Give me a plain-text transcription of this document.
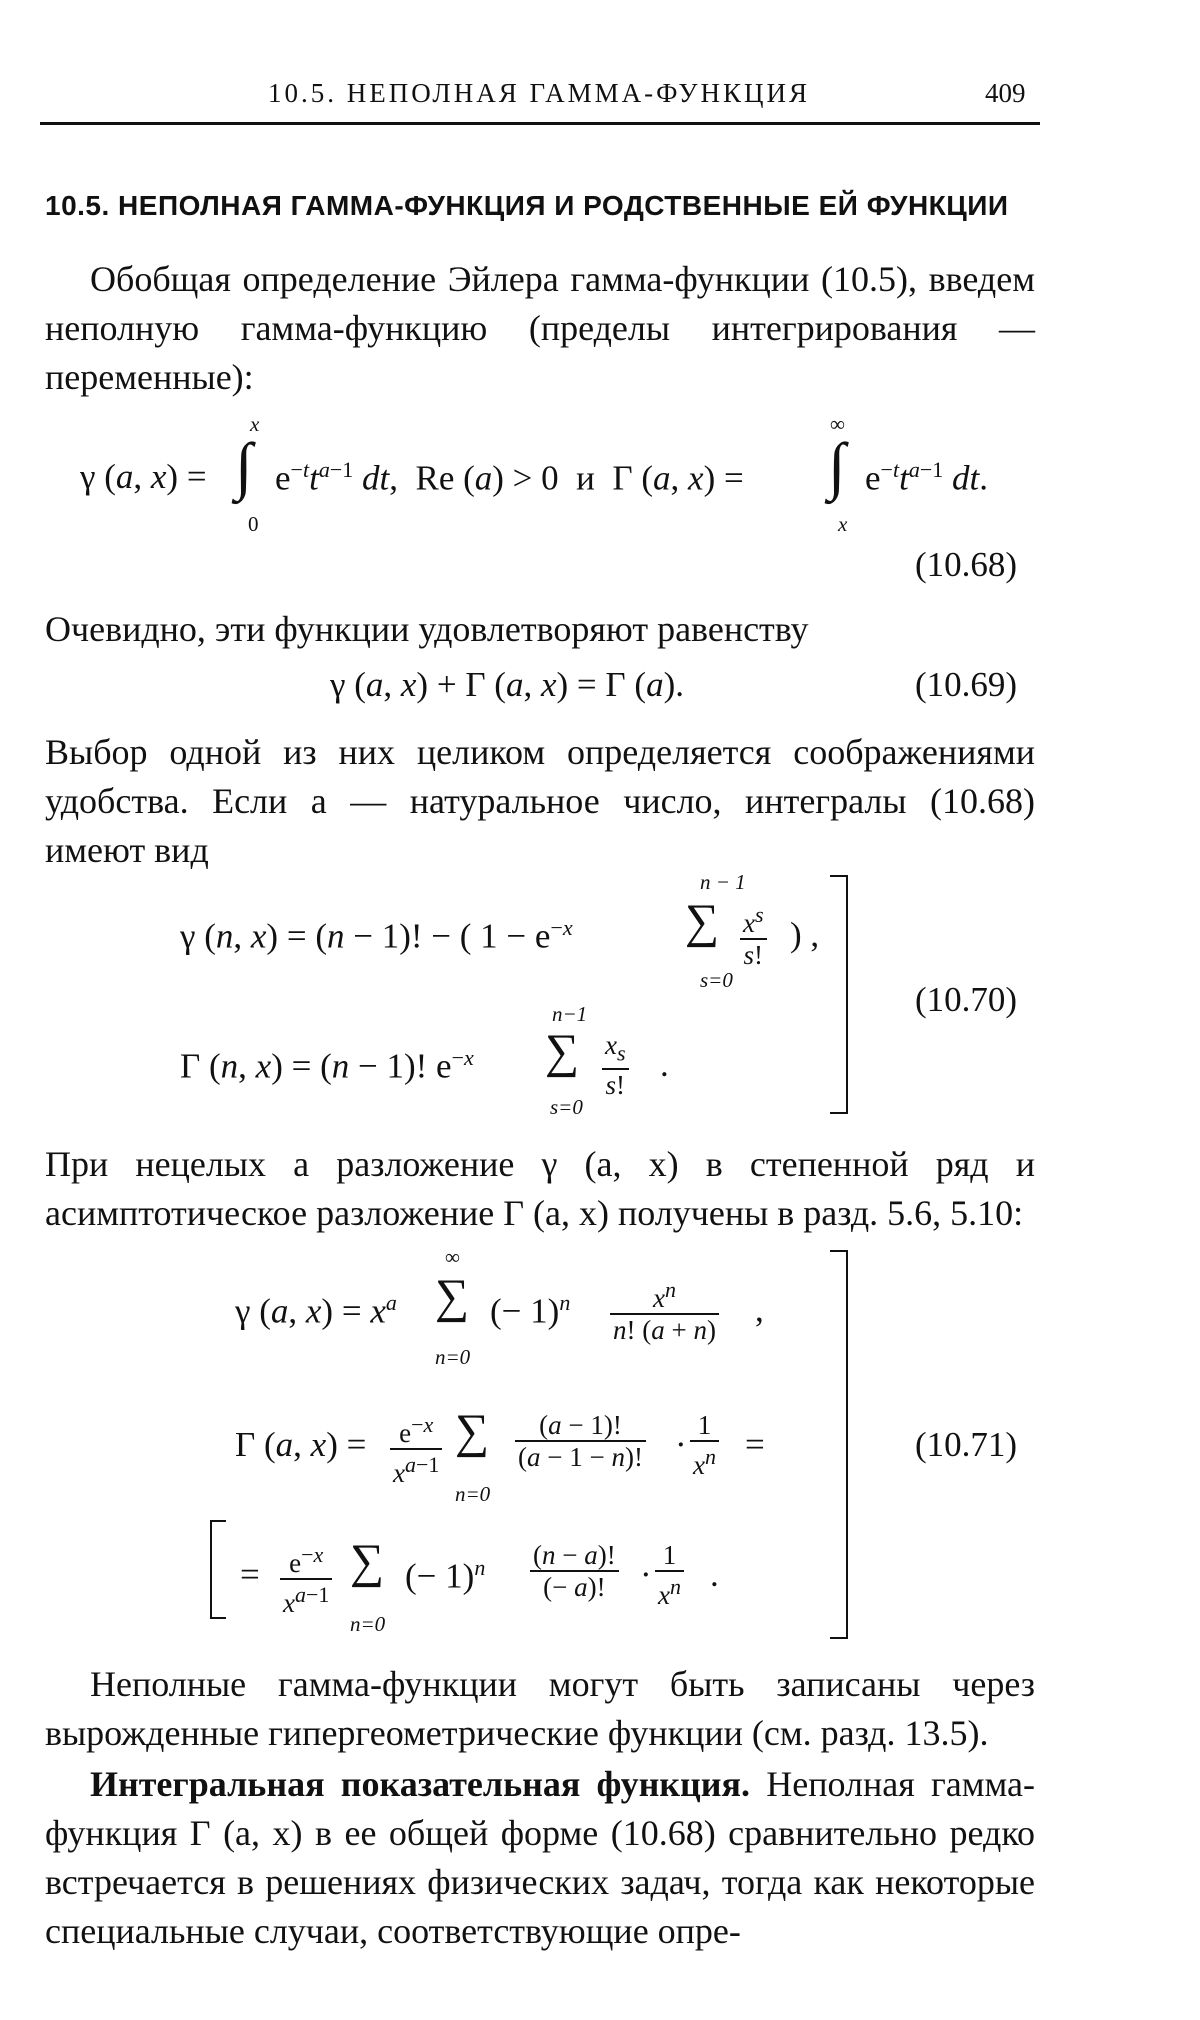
10.5. НЕПОЛНАЯ ГАММА-ФУНКЦИЯ	409
10.5. НЕПОЛНАЯ ГАММА-ФУНКЦИЯ И РОДСТВЕННЫЕ ЕЙ ФУНКЦИИ
Обобщая определение Эйлера гамма-функции (10.5), введем неполную гамма-функцию (пределы интегрирования — переменные):
γ (a, x) =
x
∫
0
$e^{-t}t^{a-1}$ dt,  Re (a) > 0  и  Γ (a, x) =
∞
∫
x
$e^{-t}t^{a-1}$ dt.
(10.68)
Очевидно, эти функции удовлетворяют равенству
γ (a, x) + Γ (a, x) = Γ (a).	(10.69)
Выбор одной из них целиком определяется соображениями удобства. Если a — натуральное число, интегралы (10.68) имеют вид
n − 1
γ (n, x) = (n − 1)! − ( $1 - e^{-x}$ ∑ $\frac{x^s}{s!}$ ) ,
s=0
n−1
Γ (n, x) = (n − 1)! $e^{-x}$ ∑ $\frac{x_s}{s!}$ .
s=0
(10.70)
При нецелых a разложение γ (a, x) в степенной ряд и асимптотическое разложение Γ (a, x) получены в разд. 5.6, 5.10:
∞
γ (a, $x) = x^a$ ∑ (− $1)^n \frac{x^n}{n! (a + n)}$ ,
n=0
Γ (a, $x) = \frac{e^{-x}}{x^{a-1}}$ ∑ $\frac{(a - 1)!}{(a - 1 - n)!} \cdot \frac{1}{x^n}$ =
n=0
= $\frac{e^{-x}}{x^{a-1}}$ ∑ (− $1)^n \frac{(n - a)!}{(- a)!} \cdot \frac{1}{x^n}$ .
n=0
(10.71)
Неполные гамма-функции могут быть записаны через вырожденные гипергеометрические функции (см. разд. 13.5).
Интегральная показательная функция. Неполная гамма-функция Γ (a, x) в ее общей форме (10.68) сравнительно редко встречается в решениях физических задач, тогда как некоторые специальные случаи, соответствующие опре-
